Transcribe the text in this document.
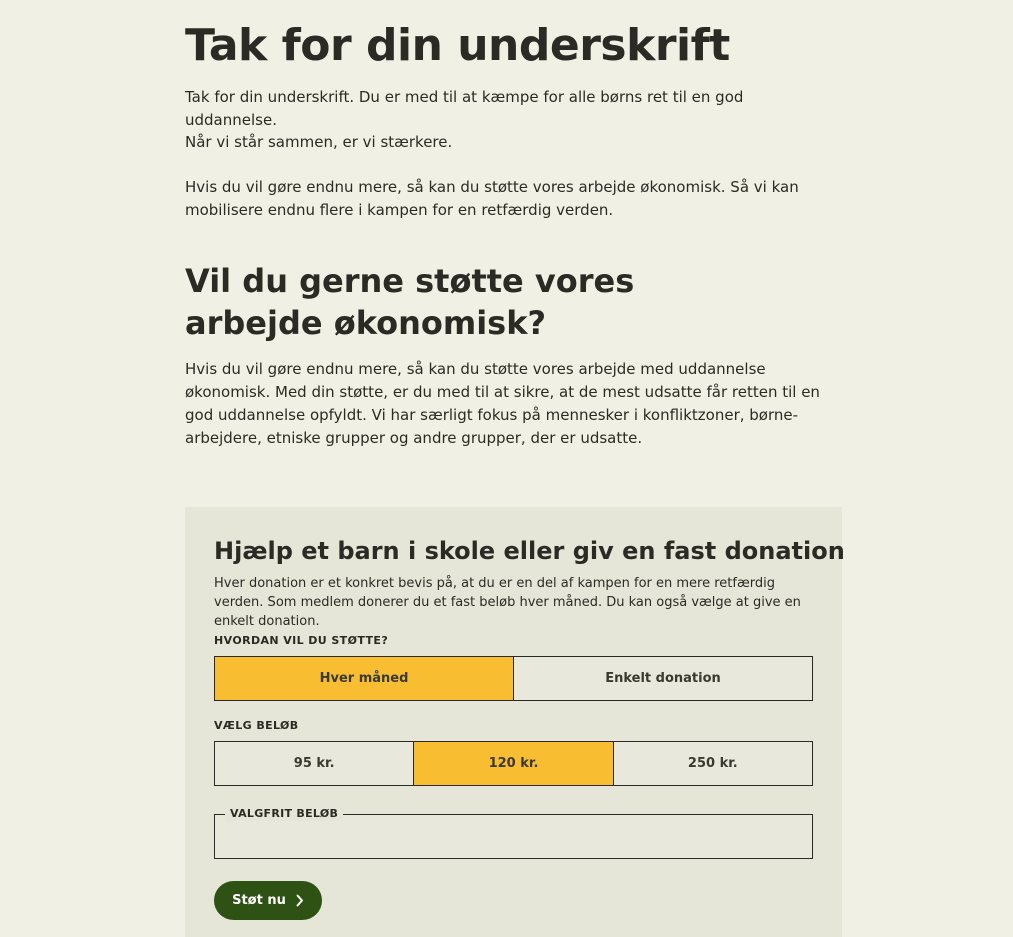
Tak for din underskrift

Tak for din underskrift. Du er med til at kæmpe for alle børns ret til en god uddannelse.

Når vi står sammen, er vi stærkere.

Hvis du vil gøre endnu mere, så kan du støtte vores arbejde økonomisk. Så vi kan mobilisere endnu flere i kampen for en retfærdig verden.

Vil du gerne støtte vores arbejde økonomisk?

Hvis du vil gøre endnu mere, så kan du støtte vores arbejde med uddannelse økonomisk. Med din støtte, er du med til at sikre, at de mest udsatte får retten til en god uddannelse opfyldt. Vi har særligt fokus på mennesker i konfliktzoner, børne-arbejdere, etniske grupper og andre grupper, der er udsatte.

Hjælp et barn i skole eller giv en fast donation

Hver donation er et konkret bevis på, at du er en del af kampen for en mere retfærdig verden. Som medlem donerer du et fast beløb hver måned. Du kan også vælge at give en enkelt donation.

HVORDAN VIL DU STØTTE?
Hver måned	Enkelt donation
VÆLG BELØB
95 kr.	120 kr.	250 kr.
VALGFRIT BELØB
Støt nu
